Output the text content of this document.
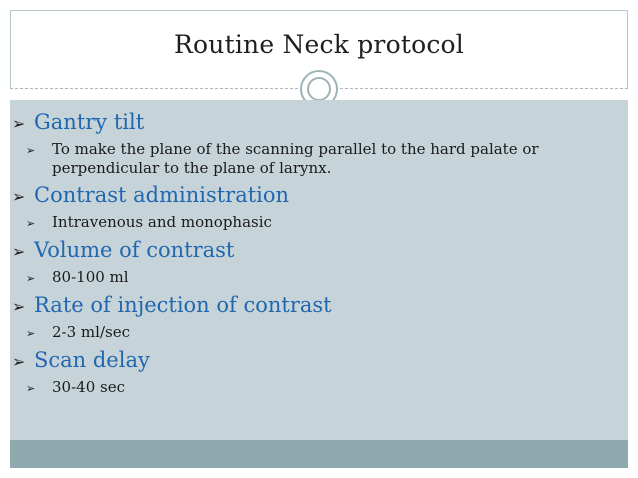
Routine Neck protocol
➢ Gantry tilt
➢	To make the plane of the scanning parallel to the hard palate or perpendicular to the plane of larynx.
➢ Contrast administration
➢	Intravenous and monophasic
➢ Volume of contrast
➢	80-100 ml
➢ Rate of injection of contrast
➢	2-3 ml/sec
➢ Scan delay
➢	30-40 sec
